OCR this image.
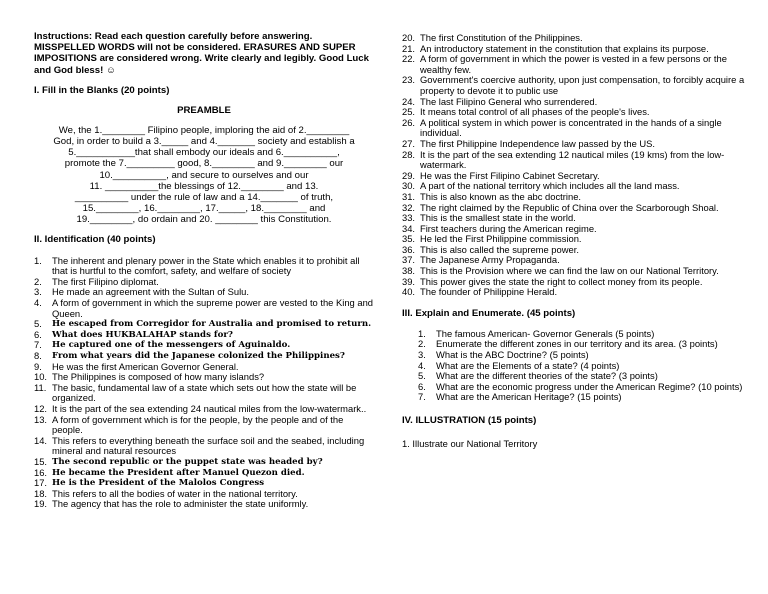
Instructions: Read each question carefully before answering. MISSPELLED WORDS will not be considered. ERASURES AND SUPER IMPOSITIONS are considered wrong. Write clearly and legibly. Good Luck and God bless! ☺

I. Fill in the Blanks (20 points)

PREAMBLE

We, the 1.________ Filipino people, imploring the aid of 2.________
God, in order to build a 3._____ and 4._______ society and establish a
5.___________that shall embody our ideals and 6.__________,
promote the 7._________ good, 8.________ and 9.________ our
10.__________, and secure to ourselves and our
11. __________the blessings of 12.________ and 13.
__________ under the rule of law and a 14._______ of truth,
15.________, 16.________, 17._____, 18.________ and
19.________, do ordain and 20. ________ this Constitution.

II. Identification (40 points)

1.	The inherent and plenary power in the State which enables it to prohibit all that is hurtful to the comfort, safety, and welfare of society
2.	The first Filipino diplomat.
3.	He made an agreement with the Sultan of Sulu.
4.	A form of government in which the supreme power are vested to the King and Queen.
5.	He escaped from Corregidor for Australia and promised to return.
6.	What does HUKBALAHAP stands for?
7.	He captured one of the messengers of Aguinaldo.
8.	From what years did the Japanese colonized the Philippines?
9.	He was the first American Governor General.
10. The Philippines is composed of how many islands?
11. The basic, fundamental law of a state which sets out how the state will be organized.
12. It is the part of the sea extending 24 nautical miles from the low-watermark..
13. A form of government which is for the people, by the people and of the people.
14. This refers to everything beneath the surface soil and the seabed, including mineral and natural resources
15. The second republic or the puppet state was headed by?
16. He became the President after Manuel Quezon died.
17. He is the President of the Malolos Congress
18. This refers to all the bodies of water in the national territory.
19. The agency that has the role to administer the state uniformly.
20. The first Constitution of the Philippines.
21. An introductory statement in the constitution that explains its purpose.
22. A form of government in which the power is vested in a few persons or the wealthy few.
23. Government's coercive authority, upon just compensation, to forcibly acquire a property to devote it to public use
24. The last Filipino General who surrendered.
25. It means total control of all phases of the people's lives.
26. A political system in which power is concentrated in the hands of a single individual.
27. The first Philippine Independence law passed by the US.
28. It is the part of the sea extending 12 nautical miles (19 kms) from the low-watermark.
29. He was the First Filipino Cabinet Secretary.
30. A part of the national territory which includes all the land mass.
31. This is also known as the abc doctrine.
32. The right claimed by the Republic of China over the Scarborough Shoal.
33. This is the smallest state in the world.
34. First teachers during the American regime.
35. He led the First Philippine commission.
36. This is also called the supreme power.
37. The Japanese Army Propaganda.
38. This is the Provision where we can find the law on our National Territory.
39. This power gives the state the right to collect money from its people.
40. The founder of Philippine Herald.

III. Explain and Enumerate. (45 points)

1.	The famous American- Governor Generals (5 points)
2.	Enumerate the different zones in our territory and its area. (3 points)
3.	What is the ABC Doctrine? (5 points)
4.	What are the Elements of a state? (4 points)
5.	What are the different theories of the state? (3 points)
6.	What are the economic progress under the American Regime? (10 points)
7.	What are the American Heritage? (15 points)

IV. ILLUSTRATION (15 points)

1. Illustrate our National Territory
